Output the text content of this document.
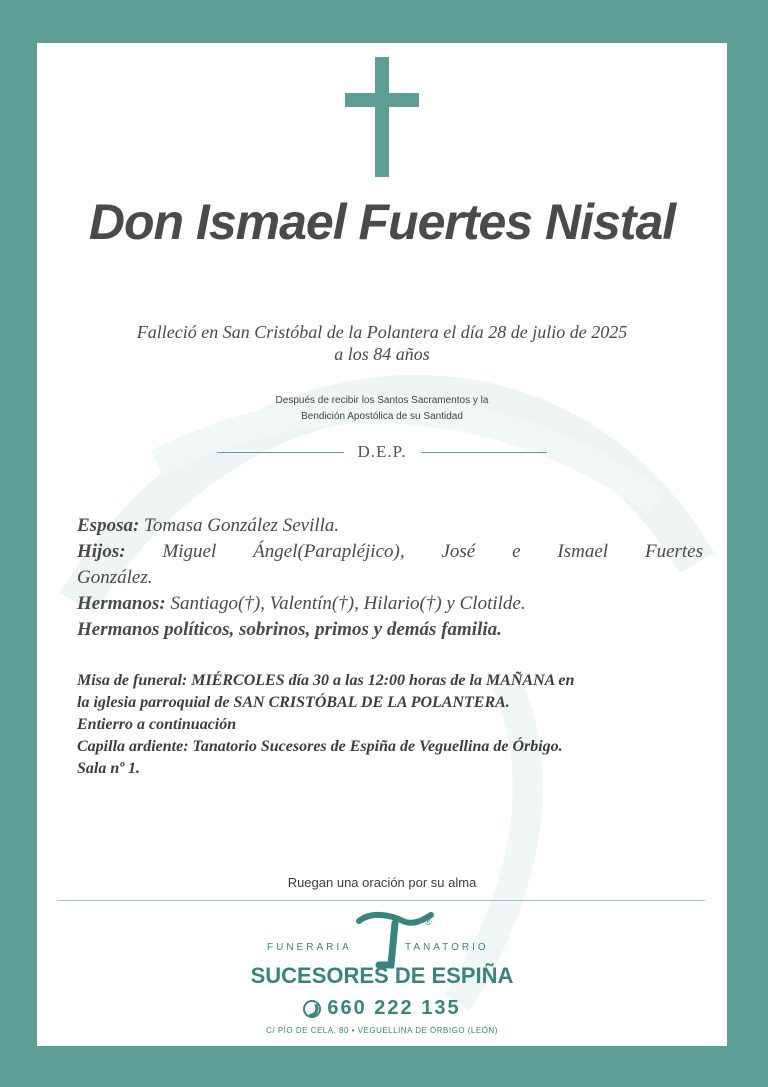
Don Ismael Fuertes Nistal
Falleció en San Cristóbal de la Polantera el día 28 de julio de 2025
a los 84 años
Después de recibir los Santos Sacramentos y la
Bendición Apostólica de su Santidad
D.E.P.
Esposa: Tomasa González Sevilla.
Hijos: Miguel Ángel(Parapléjico), José e Ismael Fuertes
González.
Hermanos: Santiago(†), Valentín(†), Hilario(†) y Clotilde.
Hermanos políticos, sobrinos, primos y demás familia.
Misa de funeral: MIÉRCOLES día 30 a las 12:00 horas de la MAÑANA en
la iglesia parroquial de SAN CRISTÓBAL DE LA POLANTERA.
Entierro a continuación
Capilla ardiente: Tanatorio Sucesores de Espiña de Veguellina de Órbigo.
Sala nº 1.
Ruegan una oración por su alma
®
FUNERARIA	TANATORIO
SUCESORES DE ESPIÑA
660 222 135
C/ PÍO DE CELA, 80 • VEGUELLINA DE ÓRBIGO (LEÓN)
